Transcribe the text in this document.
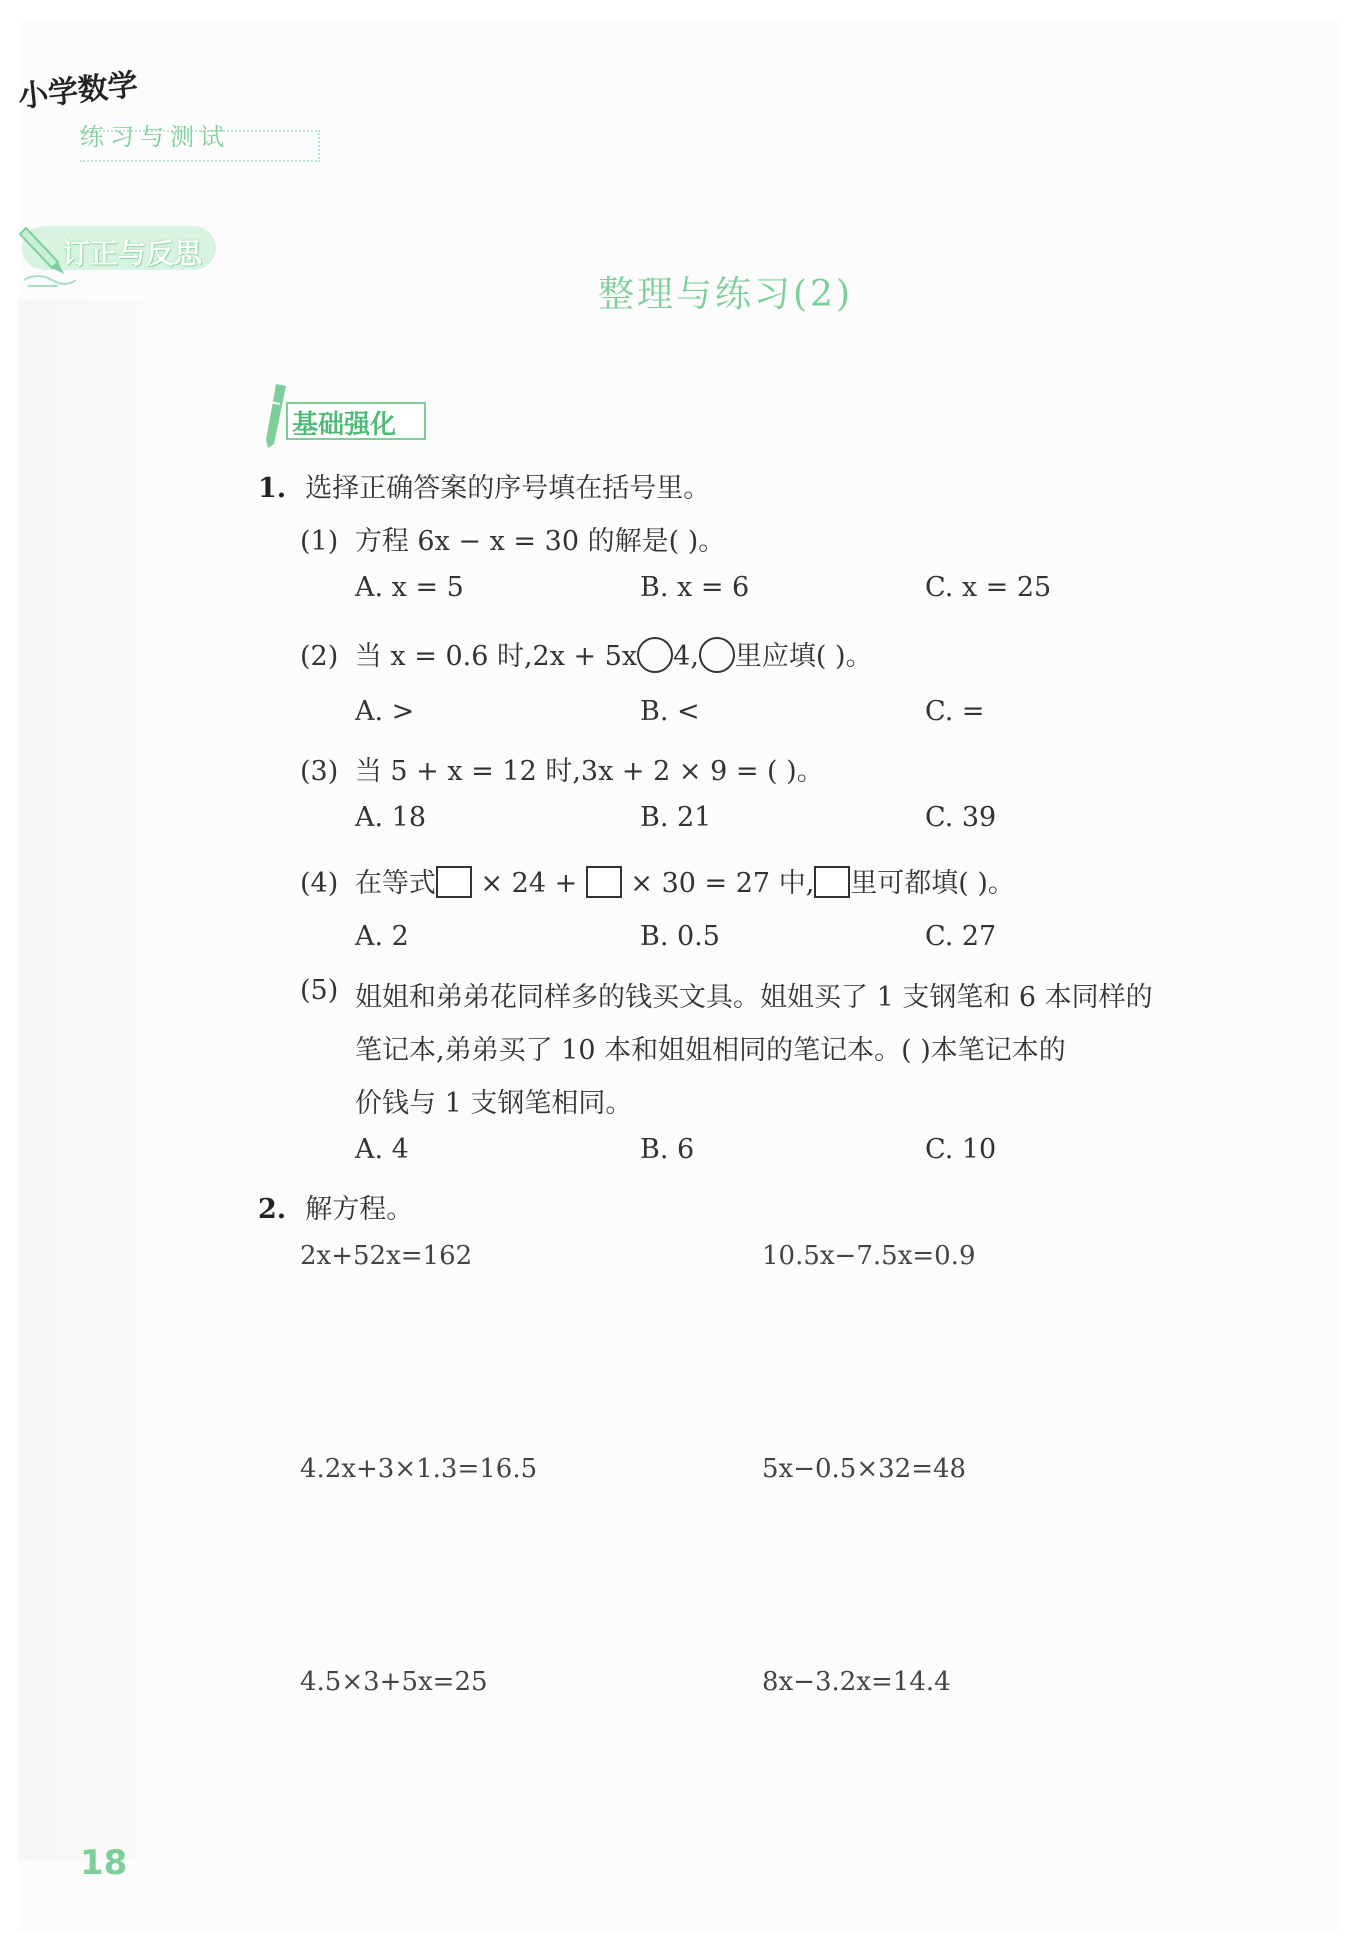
小学数学
练习与测试
订正与反思
整理与练习(2)
基础强化
1. 选择正确答案的序号填在括号里。
(1) 方程 6x − x = 30 的解是( )。
A. x = 5	B. x = 6	C. x = 25
(2) 当 x = 0.6 时,2x + 5x 4, 里应填( )。
A. >	B. <	C. =
(3) 当 5 + x = 12 时,3x + 2 × 9 = ( )。
A. 18	B. 21	C. 39
(4) 在等式 × 24 + × 30 = 27 中, 里可都填( )。
A. 2	B. 0.5	C. 27
(5) 姐姐和弟弟花同样多的钱买文具。姐姐买了 1 支钢笔和 6 本同样的
笔记本,弟弟买了 10 本和姐姐相同的笔记本。( )本笔记本的
价钱与 1 支钢笔相同。
A. 4	B. 6	C. 10
2. 解方程。
2x+52x=162	10.5x−7.5x=0.9
4.2x+3×1.3=16.5	5x−0.5×32=48
4.5×3+5x=25	8x−3.2x=14.4
18
